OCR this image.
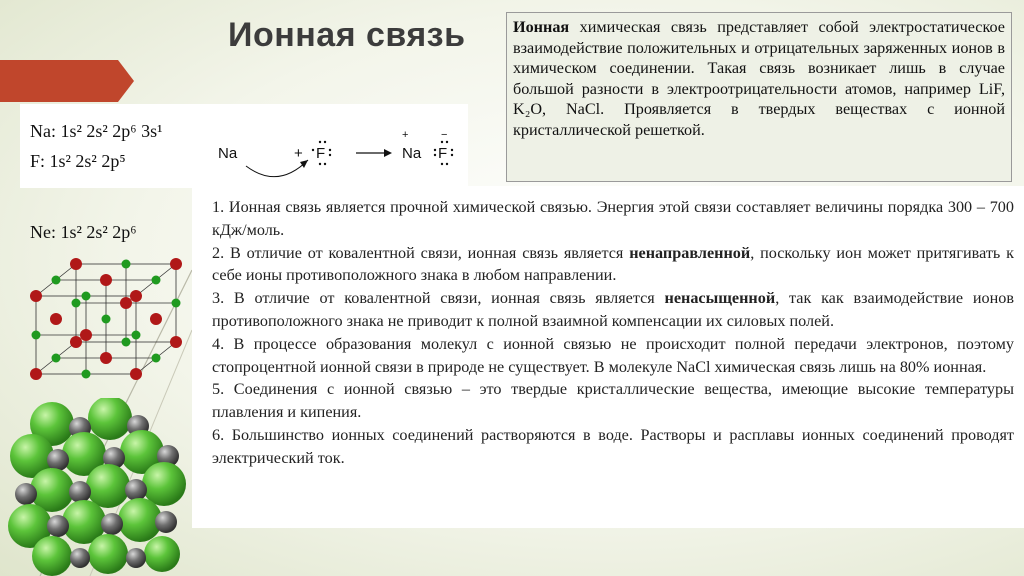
Ионная связь	Ионная химическая связь представляет собой электростатическое взаимодействие положительных и отрицательных заряженных ионов в химическом соединении. Такая связь возникает лишь в случае большой разности в электроотрицательности атомов, например LiF, K₂O, NaCl. Проявляется в твердых веществах с ионной кристаллической решеткой.
Na: 1s² 2s² 2p⁶ 3s¹
F: 1s² 2s² 2p⁵	Na	+ F
+
Na
−
F
Ne: 1s² 2s² 2p⁶

1. Ионная связь является прочной химической связью. Энергия этой связи составляет величины порядка 300 – 700 кДж/моль.

2. В отличие от ковалентной связи, ионная связь является ненаправленной, поскольку ион может притягивать к себе ионы противоположного знака в любом направлении.

3. В отличие от ковалентной связи, ионная связь является ненасыщенной, так как взаимодействие ионов противоположного знака не приводит к полной взаимной компенсации их силовых полей.

4. В процессе образования молекул с ионной связью не происходит полной передачи электронов, поэтому стопроцентной ионной связи в природе не существует. В молекуле NaCl химическая связь лишь на 80% ионная.

5. Соединения с ионной связью – это твердые кристаллические вещества, имеющие высокие температуры плавления и кипения.

6. Большинство ионных соединений растворяются в воде. Растворы и расплавы ионных соединений проводят электрический ток.
